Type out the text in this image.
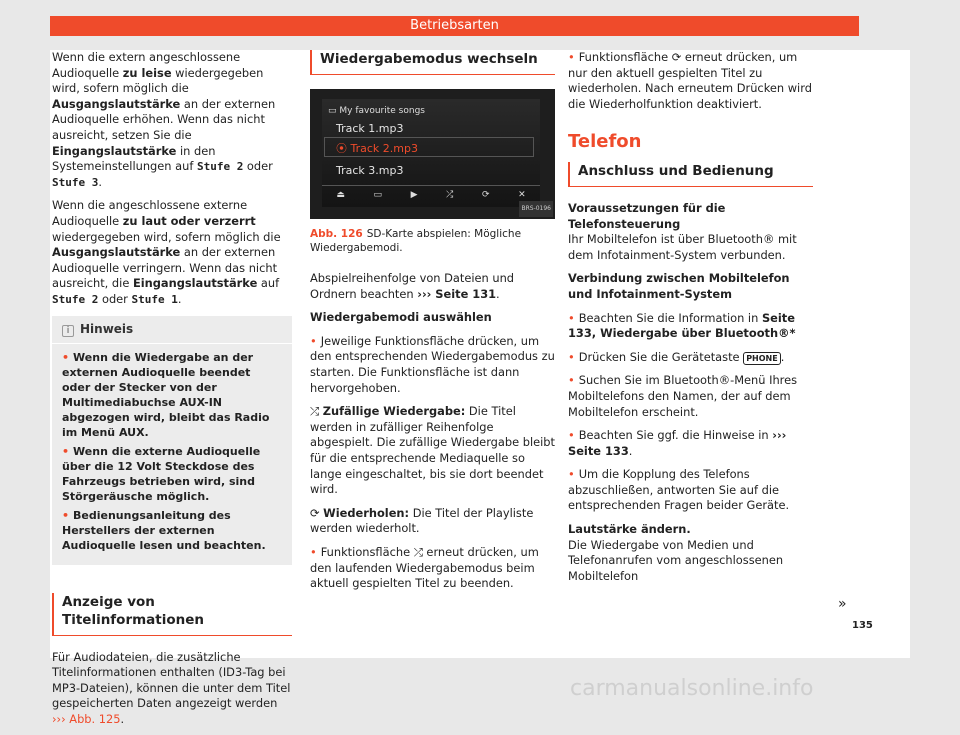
Betriebsarten

Wenn die extern angeschlossene Audioquelle zu leise wiedergegeben wird, sofern möglich die Ausgangslautstärke an der externen Audioquelle erhöhen. Wenn das nicht ausreicht, setzen Sie die Eingangslautstärke in den Systemeinstellungen auf Stufe 2 oder Stufe 3.

Wenn die angeschlossene externe Audioquelle zu laut oder verzerrt wiedergegeben wird, sofern möglich die Ausgangslautstärke an der externen Audioquelle verringern. Wenn das nicht ausreicht, die Eingangslautstärke auf Stufe 2 oder Stufe 1.

i Hinweis

• Wenn die Wiedergabe an der externen Audioquelle beendet oder der Stecker von der Multimediabuchse AUX-IN abgezogen wird, bleibt das Radio im Menü AUX.

• Wenn die externe Audioquelle über die 12 Volt Steckdose des Fahrzeugs betrieben wird, sind Störgeräusche möglich.

• Bedienungsanleitung des Herstellers der externen Audioquelle lesen und beachten.

Anzeige von Titelinformationen

Für Audiodateien, die zusätzliche Titelinformationen enthalten (ID3-Tag bei MP3-Dateien), können die unter dem Titel gespeicherten Daten angezeigt werden ››› Abb. 125.

Wiedergabemodus wechseln
▭ My favourite songs
Track 1.mp3
⦿ Track 2.mp3
Track 3.mp3
⏏	▭	▶	⤮	⟳	✕
BRS-0196
Abb. 126 SD-Karte abspielen: Mögliche Wiedergabemodi.

Abspielreihenfolge von Dateien und Ordnern beachten ››› Seite 131.

Wiedergabemodi auswählen

• Jeweilige Funktionsfläche drücken, um den entsprechenden Wiedergabemodus zu starten. Die Funktionsfläche ist dann hervorgehoben.

⤮ Zufällige Wiedergabe: Die Titel werden in zufälliger Reihenfolge abgespielt. Die zufällige Wiedergabe bleibt für die entsprechende Mediaquelle so lange eingeschaltet, bis sie dort beendet wird.

⟳ Wiederholen: Die Titel der Playliste werden wiederholt.

• Funktionsfläche ⤮ erneut drücken, um den laufenden Wiedergabemodus beim aktuell gespielten Titel zu beenden.

• Funktionsfläche ⟳ erneut drücken, um nur den aktuell gespielten Titel zu wiederholen. Nach erneutem Drücken wird die Wiederholfunktion deaktiviert.

Telefon
Anschluss und Bedienung

Voraussetzungen für die Telefonsteuerung
Ihr Mobiltelefon ist über Bluetooth® mit dem Infotainment-System verbunden.

Verbindung zwischen Mobiltelefon und Infotainment-System

• Beachten Sie die Information in Seite 133, Wiedergabe über Bluetooth®*

• Drücken Sie die Gerätetaste PHONE .

• Suchen Sie im Bluetooth®-Menü Ihres Mobiltelefons den Namen, der auf dem Mobiltelefon erscheint.

• Beachten Sie ggf. die Hinweise in ››› Seite 133.

• Um die Kopplung des Telefons abzuschließen, antworten Sie auf die entsprechenden Fragen beider Geräte.

Lautstärke ändern.
Die Wiedergabe von Medien und Telefonanrufen vom angeschlossenen Mobiltelefon

»
135
carmanualsonline.info
